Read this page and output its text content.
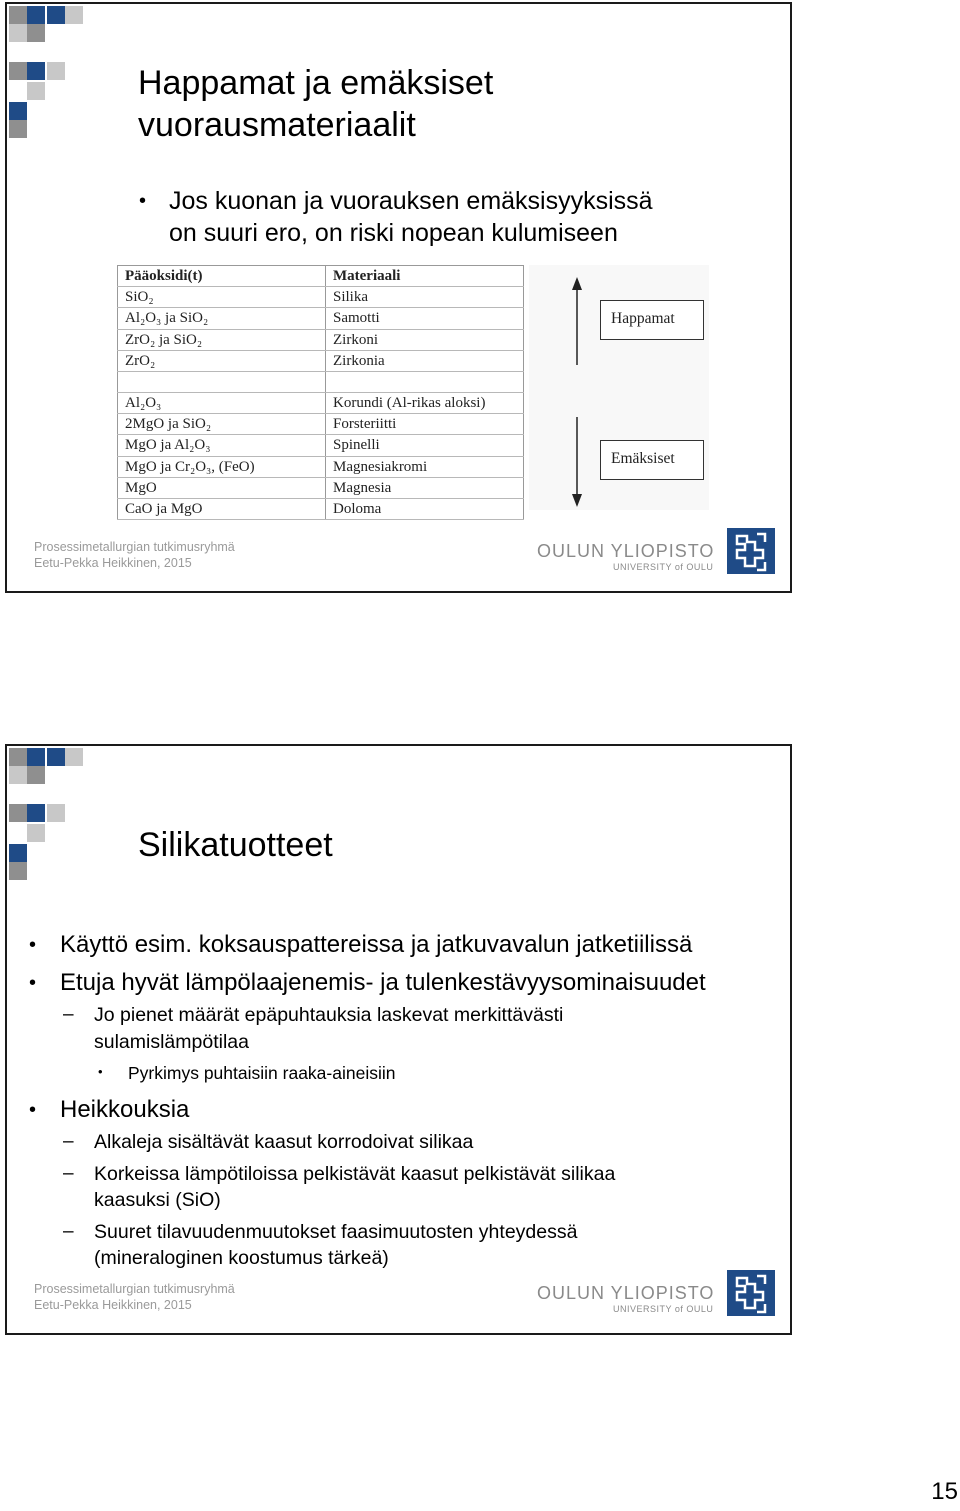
Happamat ja emäksiset
vuorausmateriaalit
• Jos kuonan ja vuorauksen emäksisyyksissä
on suuri ero, on riski nopean kulumiseen
Pääoksidi(t)	Materiaali
SiO₂	Silika
Al₂O₃ ja SiO₂	Samotti
ZrO₂ ja SiO₂	Zirkoni
ZrO₂	Zirkonia

Al₂O₃	Korundi (Al-rikas aloksi)
2MgO ja SiO₂	Forsteriitti
MgO ja Al₂O₃	Spinelli
MgO ja Cr₂O₃, (FeO)	Magnesiakromi
MgO	Magnesia
CaO ja MgO	Doloma
Happamat
Emäksiset
Prosessimetallurgian tutkimusryhmä
Eetu-Pekka Heikkinen, 2015
OULUN YLIOPISTO
UNIVERSITY of OULU
Silikatuotteet
• Käyttö esim. koksauspattereissa ja jatkuvavalun jatketiilissä
• Etuja hyvät lämpölaajenemis- ja tulenkestävyysominaisuudet
– Jo pienet määrät epäpuhtauksia laskevat merkittävästi
sulamislämpötilaa
• Pyrkimys puhtaisiin raaka-aineisiin
• Heikkouksia
– Alkaleja sisältävät kaasut korrodoivat silikaa
– Korkeissa lämpötiloissa pelkistävät kaasut pelkistävät silikaa
kaasuksi (SiO)
– Suuret tilavuudenmuutokset faasimuutosten yhteydessä
(mineraloginen koostumus tärkeä)
Prosessimetallurgian tutkimusryhmä
Eetu-Pekka Heikkinen, 2015
OULUN YLIOPISTO
UNIVERSITY of OULU
15
